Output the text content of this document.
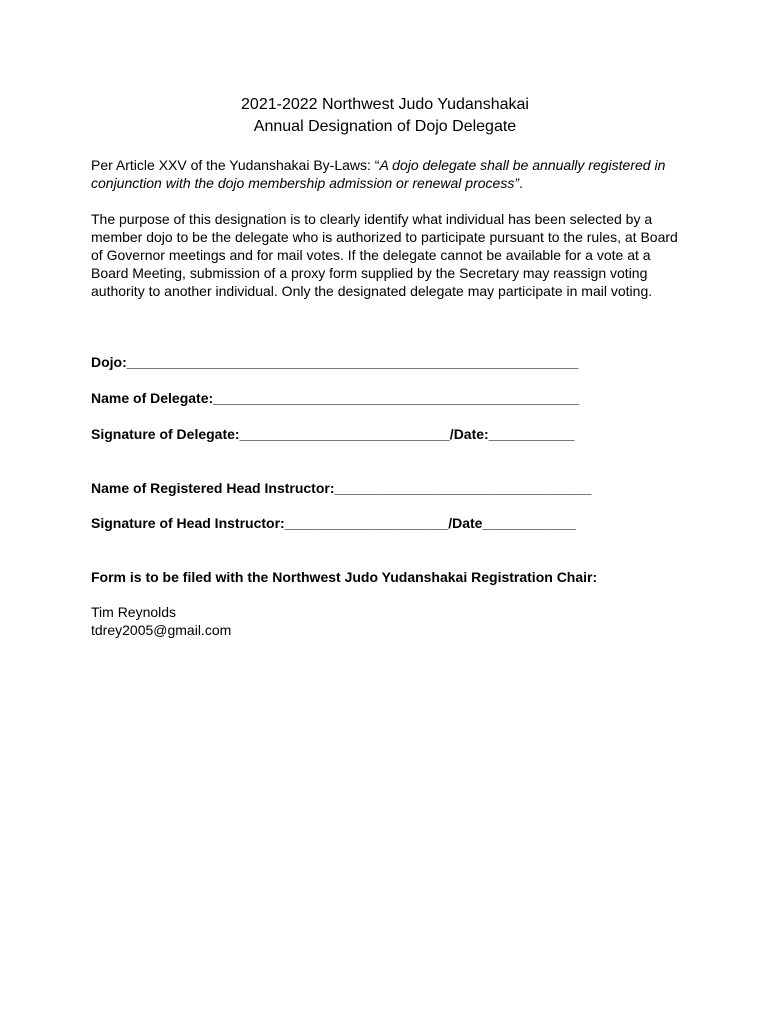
2021-2022 Northwest Judo Yudanshakai
Annual Designation of Dojo Delegate
Per Article XXV of the Yudanshakai By-Laws: “A dojo delegate shall be annually registered in conjunction with the dojo membership admission or renewal process”.
The purpose of this designation is to clearly identify what individual has been selected by a member dojo to be the delegate who is authorized to participate pursuant to the rules, at Board of Governor meetings and for mail votes. If the delegate cannot be available for a vote at a Board Meeting, submission of a proxy form supplied by the Secretary may reassign voting authority to another individual. Only the designated delegate may participate in mail voting.
Dojo:__________________________________________________________
Name of Delegate:_______________________________________________
Signature of Delegate:___________________________/Date:___________
Name of Registered Head Instructor:_________________________________
Signature of Head Instructor:_____________________/Date____________
Form is to be filed with the Northwest Judo Yudanshakai Registration Chair:
Tim Reynolds
tdrey2005@gmail.com
